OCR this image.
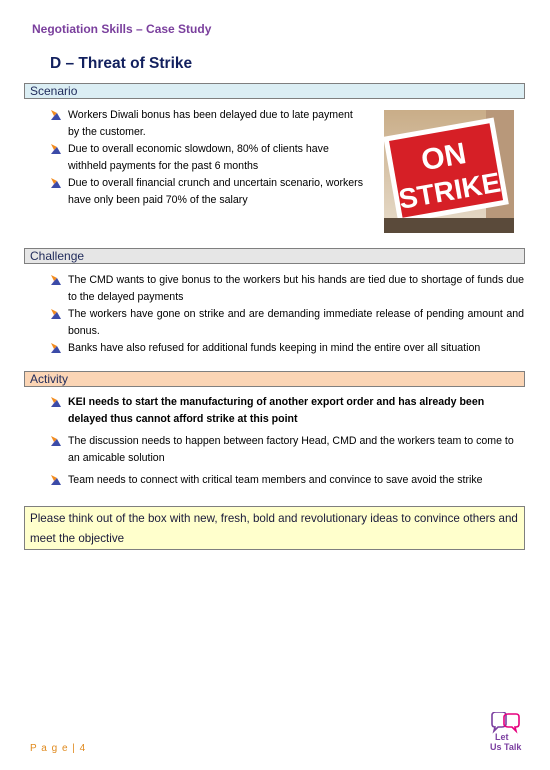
Negotiation Skills – Case Study
D – Threat of Strike
Scenario
Workers Diwali bonus has been delayed due to late payment by the customer.
Due to overall economic slowdown, 80% of clients have withheld payments for the past 6 months
Due to overall financial crunch and uncertain scenario, workers have only been paid 70% of the salary
ON
STRIKE
Challenge
The CMD wants to give bonus to the workers but his hands are tied due to shortage of funds due to the delayed payments
The workers have gone on strike and are demanding immediate release of pending amount and bonus.
Banks have also refused for additional funds keeping in mind the entire over all situation
Activity
KEI needs to start the manufacturing of another export order and has already been delayed thus cannot afford strike at this point
The discussion needs to happen between factory Head, CMD and the workers team to come to an amicable solution
Team needs to connect with critical team members and convince to save avoid the strike
Please think out of the box with new, fresh, bold and revolutionary ideas to convince others and meet the objective
P a g e | 4
Let
Us Talk
